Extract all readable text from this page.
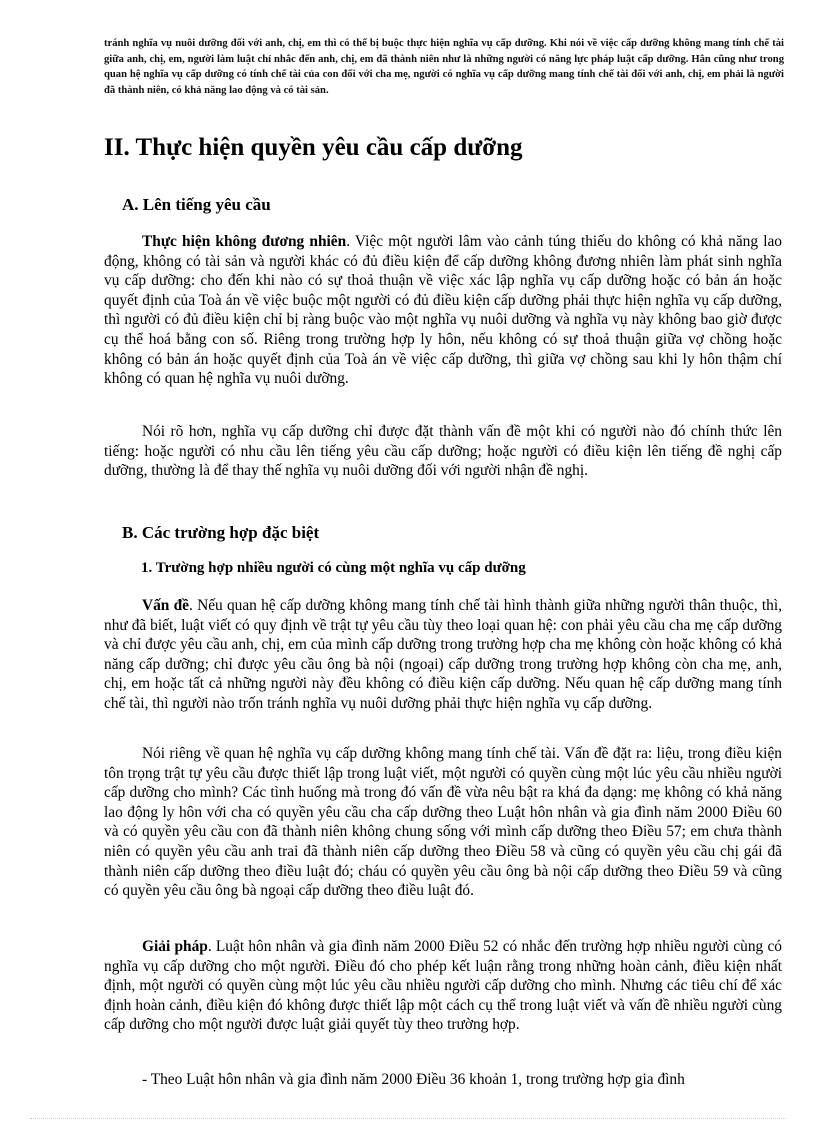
tránh nghĩa vụ nuôi dưỡng đối với anh, chị, em thì có thể bị buộc thực hiện nghĩa vụ cấp dưỡng. Khi nói về việc cấp dưỡng không mang tính chế tài giữa anh, chị, em, người làm luật chỉ nhắc đến anh, chị, em đã thành niên như là những người có năng lực pháp luật cấp dưỡng. Hẳn cũng như trong quan hệ nghĩa vụ cấp dưỡng có tính chế tài của con đối với cha mẹ, người có nghĩa vụ cấp dưỡng mang tính chế tài đối với anh, chị, em phải là người đã thành niên, có khả năng lao động và có tài sản.
II. Thực hiện quyền yêu cầu cấp dưỡng
A. Lên tiếng yêu cầu

Thực hiện không đương nhiên. Việc một người lâm vào cảnh túng thiếu do không có khả năng lao động, không có tài sản và người khác có đủ điều kiện để cấp dưỡng không đương nhiên làm phát sinh nghĩa vụ cấp dưỡng: cho đến khi nào có sự thoả thuận về việc xác lập nghĩa vụ cấp dưỡng hoặc có bản án hoặc quyết định của Toà án về việc buộc một người có đủ điều kiện cấp dưỡng phải thực hiện nghĩa vụ cấp dưỡng, thì người có đủ điều kiện chỉ bị ràng buộc vào một nghĩa vụ nuôi dưỡng và nghĩa vụ này không bao giờ được cụ thể hoá bằng con số. Riêng trong trường hợp ly hôn, nếu không có sự thoả thuận giữa vợ chồng hoặc không có bản án hoặc quyết định của Toà án về việc cấp dưỡng, thì giữa vợ chồng sau khi ly hôn thậm chí không có quan hệ nghĩa vụ nuôi dưỡng.

Nói rõ hơn, nghĩa vụ cấp dưỡng chỉ được đặt thành vấn đề một khi có người nào đó chính thức lên tiếng: hoặc người có nhu cầu lên tiếng yêu cầu cấp dưỡng; hoặc người có điều kiện lên tiếng đề nghị cấp dưỡng, thường là để thay thế nghĩa vụ nuôi dưỡng đối với người nhận đề nghị.

B. Các trường hợp đặc biệt
1. Trường hợp nhiều người có cùng một nghĩa vụ cấp dưỡng

Vấn đề. Nếu quan hệ cấp dưỡng không mang tính chế tài hình thành giữa những người thân thuộc, thì, như đã biết, luật viết có quy định về trật tự yêu cầu tùy theo loại quan hệ: con phải yêu cầu cha mẹ cấp dưỡng và chỉ được yêu cầu anh, chị, em của mình cấp dưỡng trong trường hợp cha mẹ không còn hoặc không có khả năng cấp dưỡng; chỉ được yêu cầu ông bà nội (ngoại) cấp dưỡng trong trường hợp không còn cha mẹ, anh, chị, em hoặc tất cả những người này đều không có điều kiện cấp dưỡng. Nếu quan hệ cấp dưỡng mang tính chế tài, thì người nào trốn tránh nghĩa vụ nuôi dưỡng phải thực hiện nghĩa vụ cấp dưỡng.

Nói riêng về quan hệ nghĩa vụ cấp dưỡng không mang tính chế tài. Vấn đề đặt ra: liệu, trong điều kiện tôn trọng trật tự yêu cầu được thiết lập trong luật viết, một người có quyền cùng một lúc yêu cầu nhiều người cấp dưỡng cho mình? Các tình huống mà trong đó vấn đề vừa nêu bật ra khá đa dạng: mẹ không có khả năng lao động ly hôn với cha có quyền yêu cầu cha cấp dưỡng theo Luật hôn nhân và gia đình năm 2000 Điều 60 và có quyền yêu cầu con đã thành niên không chung sống với mình cấp dưỡng theo Điều 57; em chưa thành niên có quyền yêu cầu anh trai đã thành niên cấp dưỡng theo Điều 58 và cũng có quyền yêu cầu chị gái đã thành niên cấp dưỡng theo điều luật đó; cháu có quyền yêu cầu ông bà nội cấp dưỡng theo Điều 59 và cũng có quyền yêu cầu ông bà ngoại cấp dưỡng theo điều luật đó.

Giải pháp. Luật hôn nhân và gia đình năm 2000 Điều 52 có nhắc đến trường hợp nhiều người cùng có nghĩa vụ cấp dưỡng cho một người. Điều đó cho phép kết luận rằng trong những hoàn cảnh, điều kiện nhất định, một người có quyền cùng một lúc yêu cầu nhiều người cấp dưỡng cho mình. Nhưng các tiêu chí để xác định hoàn cảnh, điều kiện đó không được thiết lập một cách cụ thể trong luật viết và vấn đề nhiều người cùng cấp dưỡng cho một người được luật giải quyết tùy theo trường hợp.

- Theo Luật hôn nhân và gia đình năm 2000 Điều 36 khoản 1, trong trường hợp gia đình
